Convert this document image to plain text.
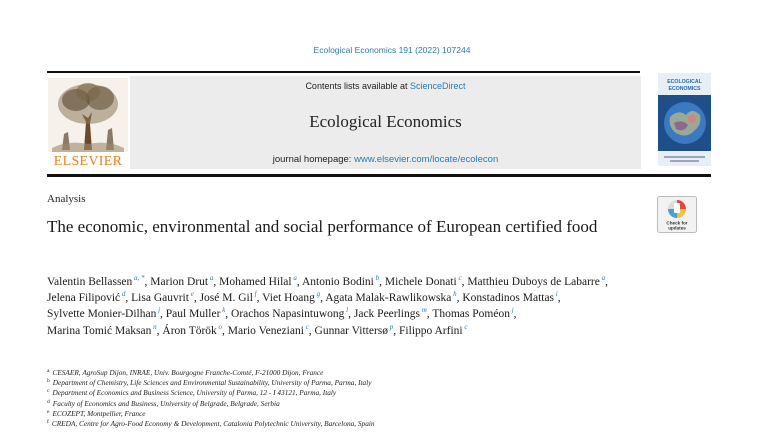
Ecological Economics 191 (2022) 107244
ELSEVIER
Contents lists available at ScienceDirect
Ecological Economics
journal homepage: www.elsevier.com/locate/ecolecon
ECOLOGICAL
ECONOMICS
Analysis
The economic, environmental and social performance of European certified food	Check for
updates
Valentin Bellassen $^{a, *}$, Marion Drut $^a$, Mohamed Hilal $^a$, Antonio Bodini $^b$, Michele Donati $^c$, Matthieu Duboys de Labarre $^a$, Jelena Filipović $^d$, Lisa Gauvrit $^e$, José M. Gil $^f$, Viet Hoang $^g$, Agata Malak-Rawlikowska $^h$, Konstadinos Mattas $^i$, Sylvette Monier-Dilhan $^j$, Paul Muller $^k$, Orachos Napasintuwong $^l$, Jack Peerlings $^m$, Thomas Poméon $^j$, Marina Tomić Maksan $^n$, Áron Török $^o$, Mario Veneziani $^c$, Gunnar Vittersø $^p$, Filippo Arfini $^c$
$^a$ CESAER, AgroSup Dijon, INRAE, Univ. Bourgogne Franche-Comté, F-21000 Dijon, France
$^b$ Department of Chemistry, Life Sciences and Environmental Sustainability, University of Parma, Parma, Italy
$^c$ Department of Economics and Business Science, University of Parma, 12 - I 43121, Parma, Italy
$^d$ Faculty of Economics and Business, University of Belgrade, Belgrade, Serbia
$^e$ ECOZEPT, Montpellier, France
$^f$ CREDA, Centre for Agro-Food Economy & Development, Catalonia Polytechnic University, Barcelona, Spain
